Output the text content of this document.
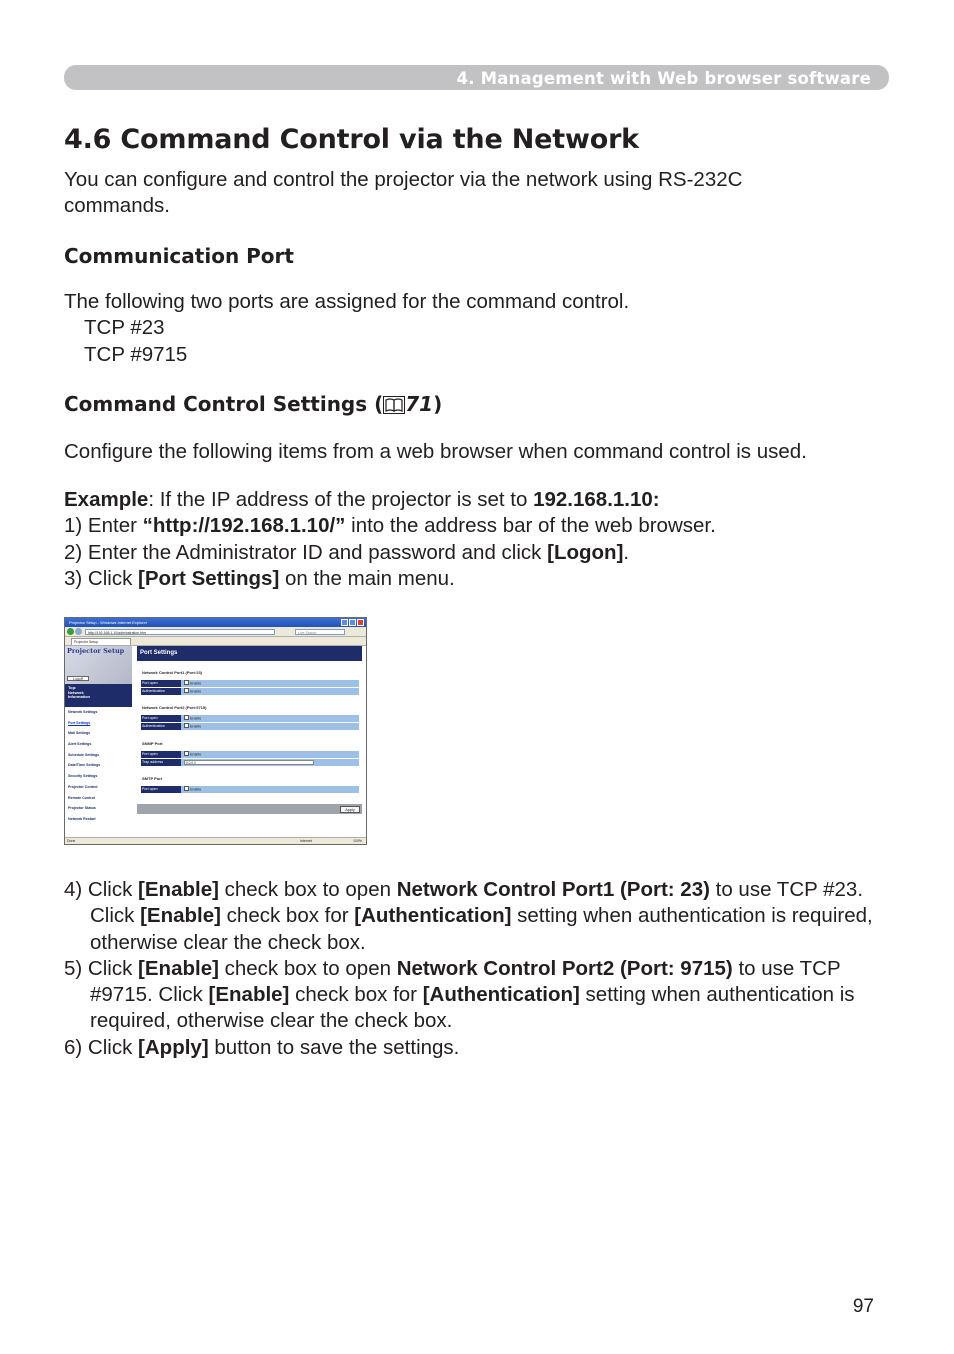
4. Management with Web browser software
4.6 Command Control via the Network

You can configure and control the projector via the network using RS-232C
commands.

Communication Port

The following two ports are assigned for the command control.
TCP #23
TCP #9715

Command Control Settings ( 71)

Configure the following items from a web browser when command control is used.

Example: If the IP address of the projector is set to 192.168.1.10:
1) Enter “http://192.168.1.10/” into the address bar of the web browser.
2) Enter the Administrator ID and password and click [Logon].
3) Click [Port Settings] on the main menu.

Projector Setup - Windows Internet Explorer
http://192.168.1.10/adminstration.htm	Live Search
Projector Setup
Projector Setup
Logoff
Top:
Network
Information
Network Settings
Port Settings
Mail Settings
Alert Settings
Schedule Settings
Date/Time Settings
Security Settings
Projector Control
Remote Control
Projector Status
Network Restart
Port Settings
Network Control Port1 (Port:23)
Port open	Enable
Authentication	Enable
Network Control Port2 (Port:9715)
Port open	Enable
Authentication	Enable
SNMP Port
Port open	Enable
Trap address	0.0.0.0
SMTP Port
Port open	Enable
Apply
Done	Internet	100%

4) Click [Enable] check box to open Network Control Port1 (Port: 23) to use TCP #23. Click [Enable] check box for [Authentication] setting when authentication is required, otherwise clear the check box.
5) Click [Enable] check box to open Network Control Port2 (Port: 9715) to use TCP #9715. Click [Enable] check box for [Authentication] setting when authentication is required, otherwise clear the check box.
6) Click [Apply] button to save the settings.

97
